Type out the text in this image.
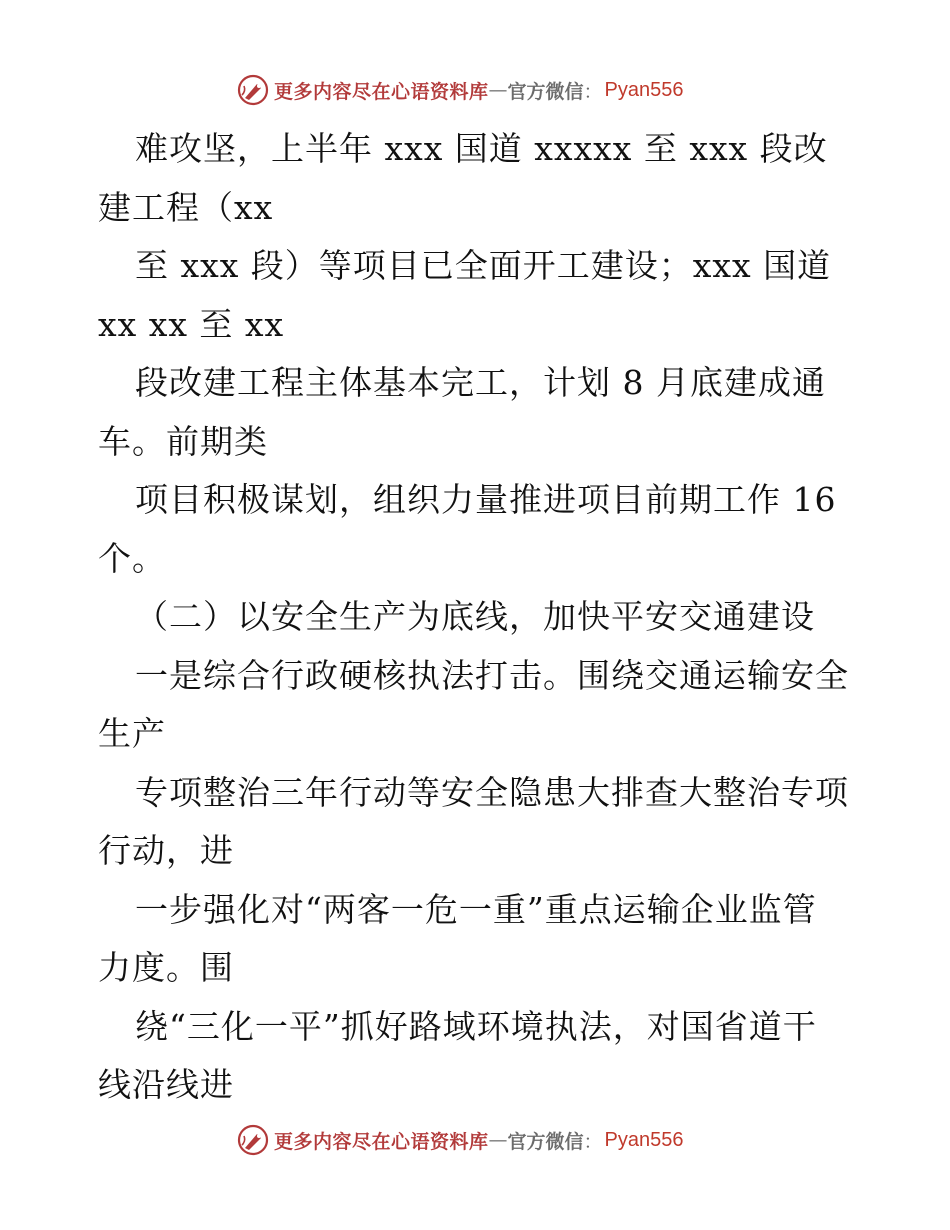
更多内容尽在心语资料库 — 官方微信 ： Pyan556
难攻坚，上半年 xxx 国道 xxxxx 至 xxx 段改
建工程（xx
至 xxx 段）等项目已全面开工建设；xxx 国道
xx xx 至 xx
段改建工程主体基本完工，计划 8 月底建成通
车。前期类
项目积极谋划，组织力量推进项目前期工作 16
个。
（二）以安全生产为底线，加快平安交通建设
一是综合行政硬核执法打击。围绕交通运输安全
生产
专项整治三年行动等安全隐患大排查大整治专项
行动，进
一步强化对“两客一危一重”重点运输企业监管
力度。围
绕“三化一平”抓好路域环境执法，对国省道干
线沿线进
更多内容尽在心语资料库 — 官方微信 ： Pyan556
